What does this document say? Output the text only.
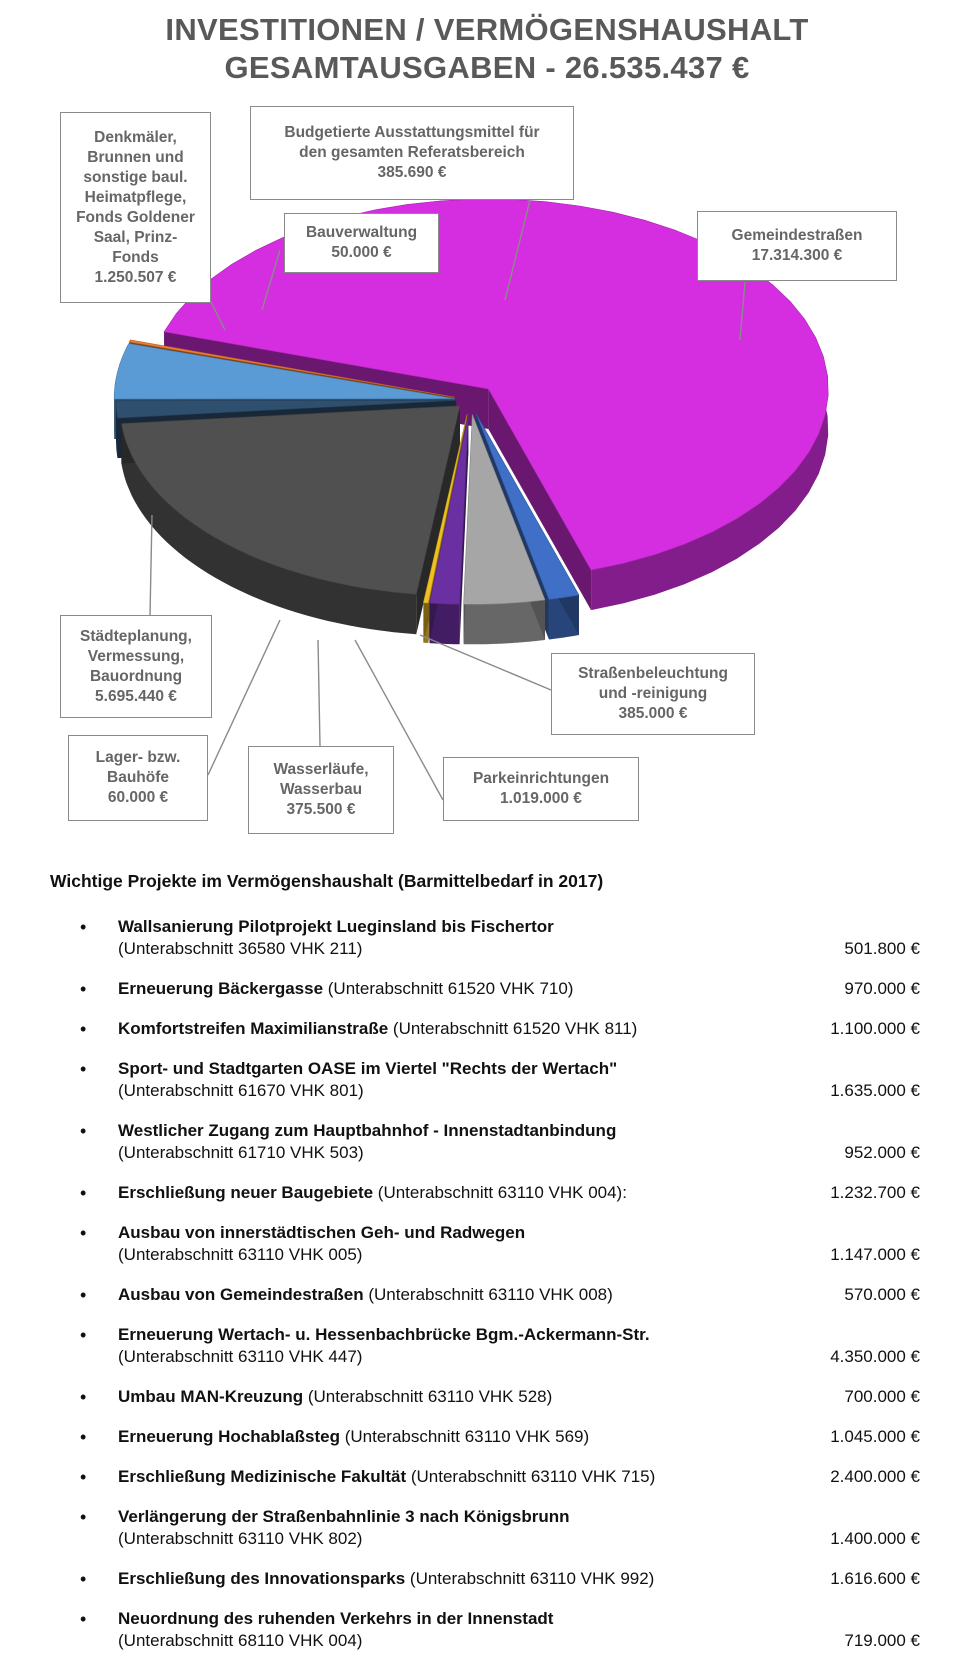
INVESTITIONEN / VERMÖGENSHAUSHALT
GESAMTAUSGABEN - 26.535.437 €
Denkmäler,
Brunnen und
sonstige baul.
Heimatpflege,
Fonds Goldener
Saal, Prinz-
Fonds
1.250.507 €
Budgetierte Ausstattungsmittel für
den gesamten Referatsbereich
385.690 €
Bauverwaltung
50.000 €
Gemeindestraßen
17.314.300 €
Städteplanung,
Vermessung,
Bauordnung
5.695.440 €
Straßenbeleuchtung
und -reinigung
385.000 €
Lager- bzw.
Bauhöfe
60.000 €
Wasserläufe,
Wasserbau
375.500 €
Parkeinrichtungen
1.019.000 €
Wichtige Projekte im Vermögenshaushalt (Barmittelbedarf in 2017)
• Wallsanierung Pilotprojekt Lueginsland bis Fischertor
(Unterabschnitt 36580 VHK 211)	501.800 €
• Erneuerung Bäckergasse (Unterabschnitt 61520 VHK 710)	970.000 €
• Komfortstreifen Maximilianstraße (Unterabschnitt 61520 VHK 811)	1.100.000 €
• Sport- und Stadtgarten OASE im Viertel "Rechts der Wertach"
(Unterabschnitt 61670 VHK 801)	1.635.000 €
• Westlicher Zugang zum Hauptbahnhof - Innenstadtanbindung
(Unterabschnitt 61710 VHK 503)	952.000 €
• Erschließung neuer Baugebiete (Unterabschnitt 63110 VHK 004):	1.232.700 €
• Ausbau von innerstädtischen Geh- und Radwegen
(Unterabschnitt 63110 VHK 005)	1.147.000 €
• Ausbau von Gemeindestraßen (Unterabschnitt 63110 VHK 008)	570.000 €
• Erneuerung Wertach- u. Hessenbachbrücke Bgm.-Ackermann-Str.
(Unterabschnitt 63110 VHK 447)	4.350.000 €
• Umbau MAN-Kreuzung (Unterabschnitt 63110 VHK 528)	700.000 €
• Erneuerung Hochablaßsteg (Unterabschnitt 63110 VHK 569)	1.045.000 €
• Erschließung Medizinische Fakultät (Unterabschnitt 63110 VHK 715)	2.400.000 €
• Verlängerung der Straßenbahnlinie 3 nach Königsbrunn
(Unterabschnitt 63110 VHK 802)	1.400.000 €
• Erschließung des Innovationsparks (Unterabschnitt 63110 VHK 992)	1.616.600 €
• Neuordnung des ruhenden Verkehrs in der Innenstadt
(Unterabschnitt 68110 VHK 004)	719.000 €
